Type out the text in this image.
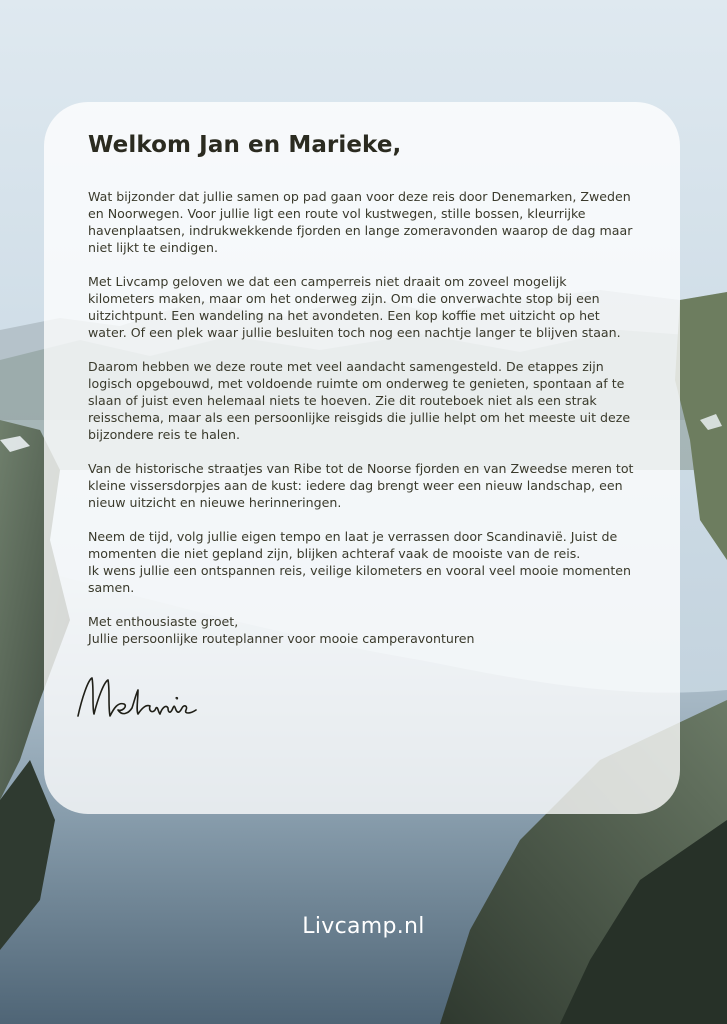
Welkom Jan en Marieke,

Wat bijzonder dat jullie samen op pad gaan voor deze reis door Denemarken, Zweden en Noorwegen. Voor jullie ligt een route vol kustwegen, stille bossen, kleurrijke havenplaatsen, indrukwekkende fjorden en lange zomeravonden waarop de dag maar niet lijkt te eindigen.

Met Livcamp geloven we dat een camperreis niet draait om zoveel mogelijk kilometers maken, maar om het onderweg zijn. Om die onverwachte stop bij een uitzichtpunt. Een wandeling na het avondeten. Een kop koffie met uitzicht op het water. Of een plek waar jullie besluiten toch nog een nachtje langer te blijven staan.

Daarom hebben we deze route met veel aandacht samengesteld. De etappes zijn logisch opgebouwd, met voldoende ruimte om onderweg te genieten, spontaan af te slaan of juist even helemaal niets te hoeven. Zie dit routeboek niet als een strak reisschema, maar als een persoonlijke reisgids die jullie helpt om het meeste uit deze bijzondere reis te halen.

Van de historische straatjes van Ribe tot de Noorse fjorden en van Zweedse meren tot kleine vissersdorpjes aan de kust: iedere dag brengt weer een nieuw landschap, een nieuw uitzicht en nieuwe herinneringen.

Neem de tijd, volg jullie eigen tempo en laat je verrassen door Scandinavië. Juist de momenten die niet gepland zijn, blijken achteraf vaak de mooiste van de reis.

Ik wens jullie een ontspannen reis, veilige kilometers en vooral veel mooie momenten samen.

Met enthousiaste groet,

Jullie persoonlijke routeplanner voor mooie camperavonturen

Livcamp.nl
